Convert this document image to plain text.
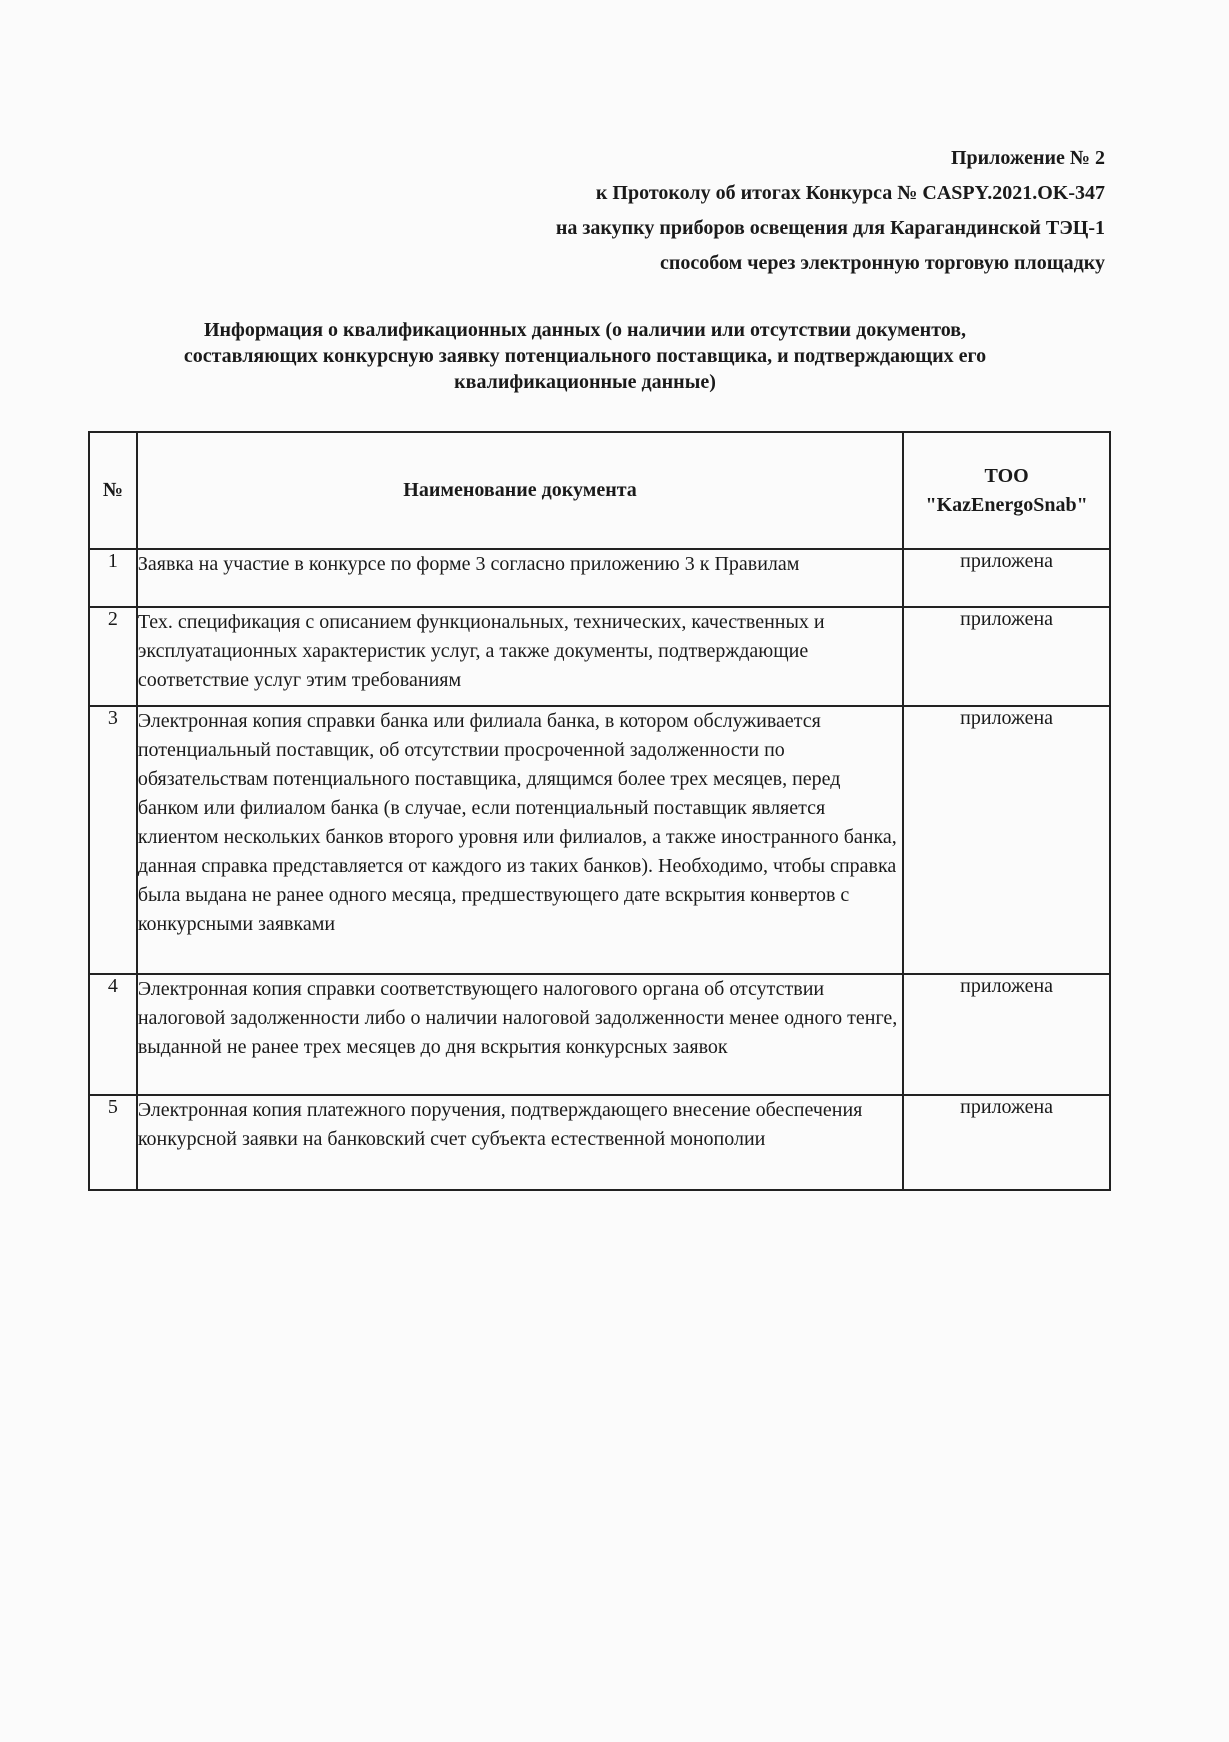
Приложение № 2
к Протоколу об итогах Конкурса № CASPY.2021.OK-347
на закупку приборов освещения для Карагандинской ТЭЦ-1
способом через электронную торговую площадку
Информация о квалификационных данных (о наличии или отсутствии документов,
составляющих конкурсную заявку потенциального поставщика, и подтверждающих его
квалификационные данные)
№	Наименование документа	ТОО
"KazEnergoSnab"

1	Заявка на участие в конкурсе по форме 3 согласно приложению 3 к Правилам	приложена
2	Тех. спецификация с описанием функциональных, технических, качественных и эксплуатационных характеристик услуг, а также документы, подтверждающие соответствие услуг этим требованиям	приложена
3	Электронная копия справки банка или филиала банка, в котором обслуживается потенциальный поставщик, об отсутствии просроченной задолженности по обязательствам потенциального поставщика, длящимся более трех месяцев, перед банком или филиалом банка (в случае, если потенциальный поставщик является клиентом нескольких банков второго уровня или филиалов, а также иностранного банка, данная справка представляется от каждого из таких банков). Необходимо, чтобы справка была выдана не ранее одного месяца, предшествующего дате вскрытия конвертов с конкурсными заявками	приложена
4	Электронная копия справки соответствующего налогового органа об отсутствии налоговой задолженности либо о наличии налоговой задолженности менее одного тенге, выданной не ранее трех месяцев до дня вскрытия конкурсных заявок	приложена
5	Электронная копия платежного поручения, подтверждающего внесение обеспечения конкурсной заявки на банковский счет субъекта естественной монополии	приложена
